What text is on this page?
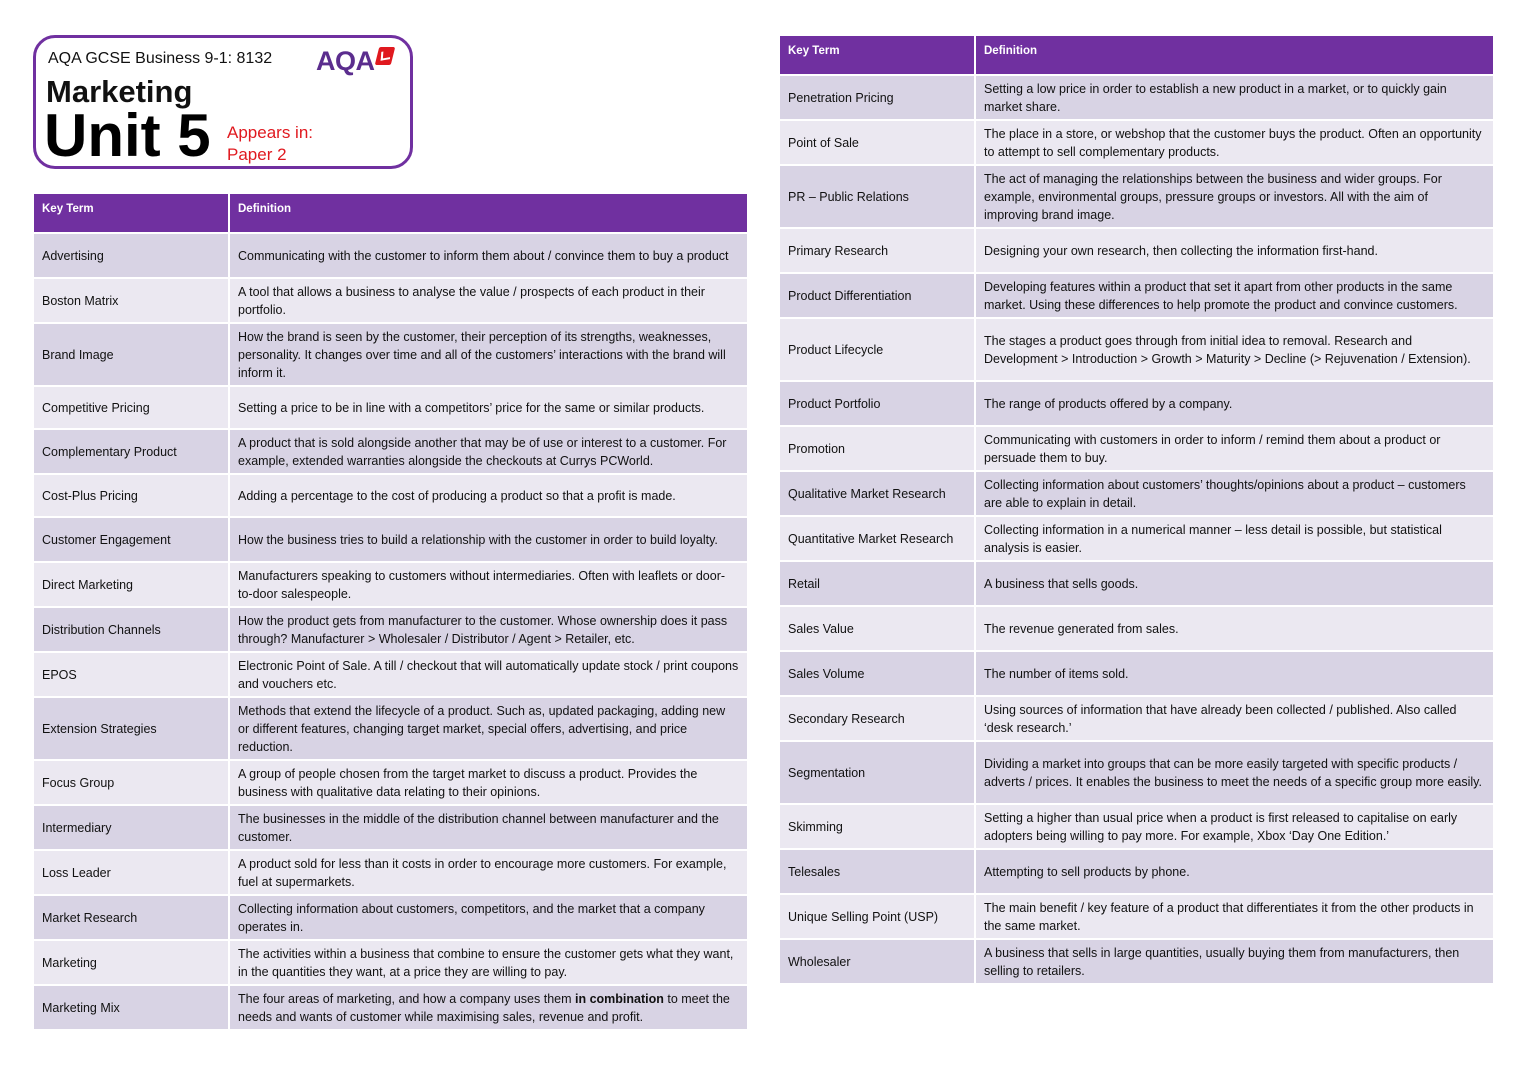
AQA GCSE Business 9-1: 8132 AQA
Marketing
Unit 5 Appears in:
Paper 2
Key Term	Definition
Advertising	Communicating with the customer to inform them about / convince them to buy a product
Boston Matrix	A tool that allows a business to analyse the value / prospects of each product in their portfolio.
Brand Image	How the brand is seen by the customer, their perception of its strengths, weaknesses, personality. It changes over time and all of the customers’ interactions with the brand will inform it.
Competitive Pricing	Setting a price to be in line with a competitors’ price for the same or similar products.
Complementary Product	A product that is sold alongside another that may be of use or interest to a customer. For example, extended warranties alongside the checkouts at Currys PCWorld.
Cost-Plus Pricing	Adding a percentage to the cost of producing a product so that a profit is made.
Customer Engagement	How the business tries to build a relationship with the customer in order to build loyalty.
Direct Marketing	Manufacturers speaking to customers without intermediaries. Often with leaflets or door-to-door salespeople.
Distribution Channels	How the product gets from manufacturer to the customer. Whose ownership does it pass through? Manufacturer > Wholesaler / Distributor / Agent > Retailer, etc.
EPOS	Electronic Point of Sale. A till / checkout that will automatically update stock / print coupons and vouchers etc.
Extension Strategies	Methods that extend the lifecycle of a product. Such as, updated packaging, adding new or different features, changing target market, special offers, advertising, and price reduction.
Focus Group	A group of people chosen from the target market to discuss a product. Provides the business with qualitative data relating to their opinions.
Intermediary	The businesses in the middle of the distribution channel between manufacturer and the customer.
Loss Leader	A product sold for less than it costs in order to encourage more customers. For example, fuel at supermarkets.
Market Research	Collecting information about customers, competitors, and the market that a company operates in.
Marketing	The activities within a business that combine to ensure the customer gets what they want, in the quantities they want, at a price they are willing to pay.
Marketing Mix	The four areas of marketing, and how a company uses them in combination to meet the needs and wants of customer while maximising sales, revenue and profit.
Key Term	Definition
Penetration Pricing	Setting a low price in order to establish a new product in a market, or to quickly gain market share.
Point of Sale	The place in a store, or webshop that the customer buys the product. Often an opportunity to attempt to sell complementary products.
PR – Public Relations	The act of managing the relationships between the business and wider groups. For example, environmental groups, pressure groups or investors. All with the aim of improving brand image.
Primary Research	Designing your own research, then collecting the information first-hand.
Product Differentiation	Developing features within a product that set it apart from other products in the same market. Using these differences to help promote the product and convince customers.
Product Lifecycle	The stages a product goes through from initial idea to removal. Research and Development > Introduction > Growth > Maturity > Decline (> Rejuvenation / Extension).
Product Portfolio	The range of products offered by a company.
Promotion	Communicating with customers in order to inform / remind them about a product or persuade them to buy.
Qualitative Market Research	Collecting information about customers’ thoughts/opinions about a product – customers are able to explain in detail.
Quantitative Market Research	Collecting information in a numerical manner – less detail is possible, but statistical analysis is easier.
Retail	A business that sells goods.
Sales Value	The revenue generated from sales.
Sales Volume	The number of items sold.
Secondary Research	Using sources of information that have already been collected / published. Also called ‘desk research.’
Segmentation	Dividing a market into groups that can be more easily targeted with specific products / adverts / prices. It enables the business to meet the needs of a specific group more easily.
Skimming	Setting a higher than usual price when a product is first released to capitalise on early adopters being willing to pay more. For example, Xbox ‘Day One Edition.’
Telesales	Attempting to sell products by phone.
Unique Selling Point (USP)	The main benefit / key feature of a product that differentiates it from the other products in the same market.
Wholesaler	A business that sells in large quantities, usually buying them from manufacturers, then selling to retailers.
